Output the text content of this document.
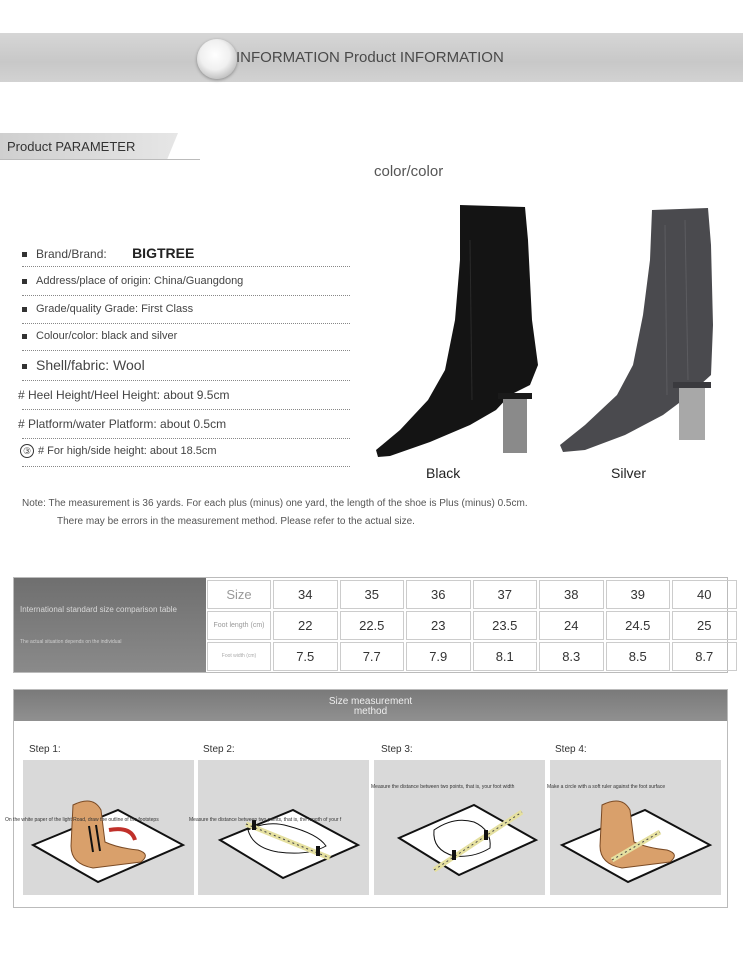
INFORMATION Product INFORMATION
Product PARAMETER
color/color
Brand/Brand: BIGTREE
Address/place of origin: China/Guangdong
Grade/quality Grade: First Class
Colour/color: black and silver
Shell/fabric: Wool
# Heel Height/Heel Height: about 9.5cm
# Platform/water Platform: about 0.5cm
③ # For high/side height: about 18.5cm
Black	Silver
Note: The measurement is 36 yards. For each plus (minus) one yard, the length of the shoe is Plus (minus) 0.5cm.
There may be errors in the measurement method. Please refer to the actual size.
International standard size comparison table
The actual situation depends on the individual
Size	34	35	36	37	38	39	40
Foot length (cm)	22	22.5	23	23.5	24	24.5	25
Foot width (cm)	7.5	7.7	7.9	8.1	8.3	8.5	8.7
Size measurement
method
Step 1:	Step 2:	Step 3:	Step 4:
On the white paper of the light Road, draw the outline of the footsteps	Measure the distance between two points, that is, the length of your f
Measure the distance between two points, that is, your foot width	Make a circle with a soft ruler against the foot surface
